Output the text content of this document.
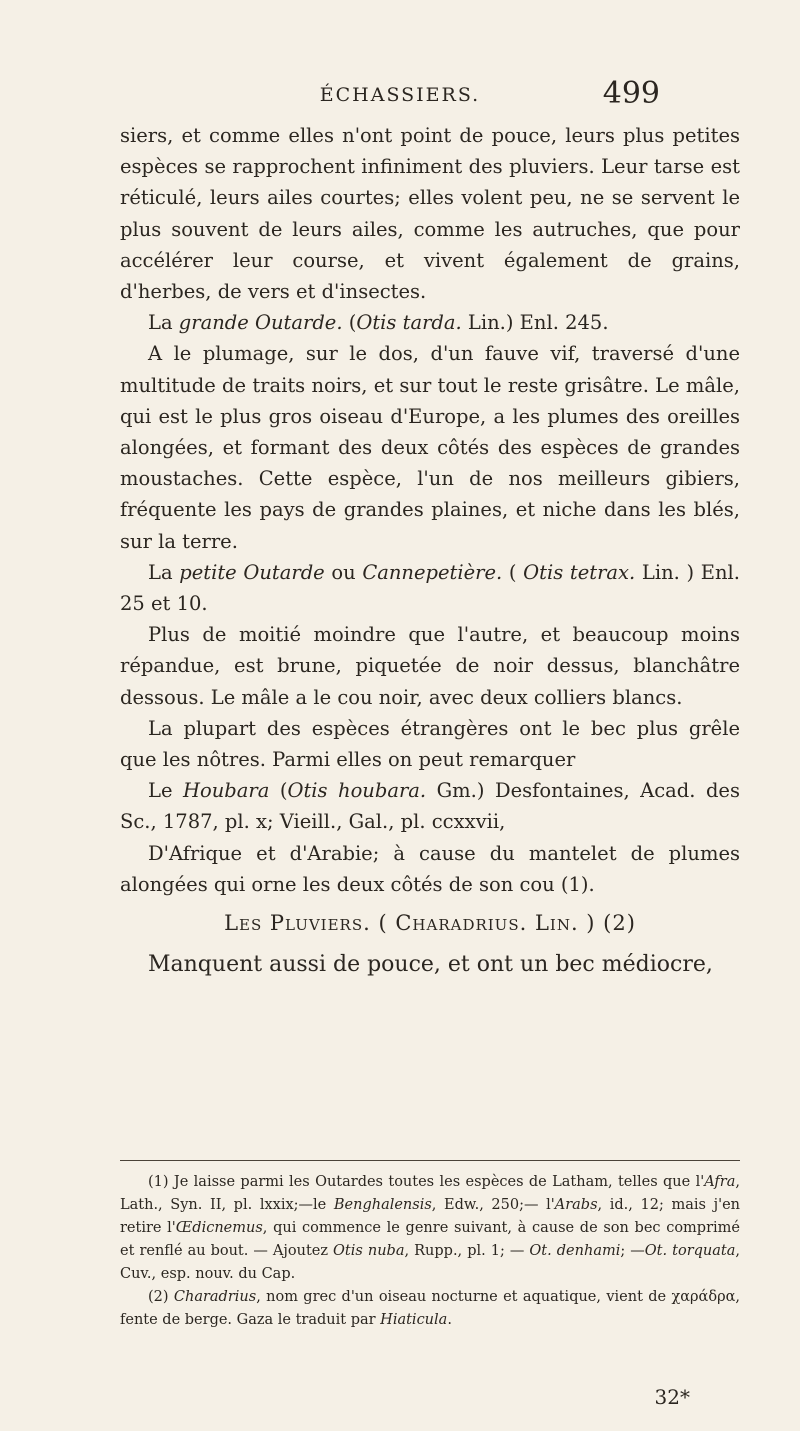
ÉCHASSIERS.	499

siers, et comme elles n'ont point de pouce, leurs plus petites espèces se rapprochent infiniment des pluviers. Leur tarse est réticulé, leurs ailes courtes; elles volent peu, ne se servent le plus souvent de leurs ailes, comme les autruches, que pour accélérer leur course, et vivent également de grains, d'herbes, de vers et d'insectes.

La grande Outarde. (Otis tarda. Lin.) Enl. 245.

A le plumage, sur le dos, d'un fauve vif, traversé d'une multitude de traits noirs, et sur tout le reste grisâtre. Le mâle, qui est le plus gros oiseau d'Europe, a les plumes des oreilles alongées, et formant des deux côtés des espèces de grandes moustaches. Cette espèce, l'un de nos meilleurs gibiers, fréquente les pays de grandes plaines, et niche dans les blés, sur la terre.

La petite Outarde ou Cannepetière. ( Otis tetrax. Lin. ) Enl. 25 et 10.

Plus de moitié moindre que l'autre, et beaucoup moins répandue, est brune, piquetée de noir dessus, blanchâtre dessous. Le mâle a le cou noir, avec deux colliers blancs.

La plupart des espèces étrangères ont le bec plus grêle que les nôtres. Parmi elles on peut remarquer

Le Houbara (Otis houbara. Gm.) Desfontaines, Acad. des Sc., 1787, pl. x; Vieill., Gal., pl. ccxxvii,

D'Afrique et d'Arabie; à cause du mantelet de plumes alongées qui orne les deux côtés de son cou (1).

Les Pluviers. ( Charadrius. Lin. ) (2)

Manquent aussi de pouce, et ont un bec médiocre,

(1) Je laisse parmi les Outardes toutes les espèces de Latham, telles que l'Afra, Lath., Syn. II, pl. lxxix;—le Benghalensis, Edw., 250;— l'Arabs, id., 12; mais j'en retire l'Œdicnemus, qui commence le genre suivant, à cause de son bec comprimé et renflé au bout. — Ajoutez Otis nuba, Rupp., pl. 1; — Ot. denhami; —Ot. torquata, Cuv., esp. nouv. du Cap.

(2) Charadrius, nom grec d'un oiseau nocturne et aquatique, vient de χαράδρα, fente de berge. Gaza le traduit par Hiaticula.

32*
